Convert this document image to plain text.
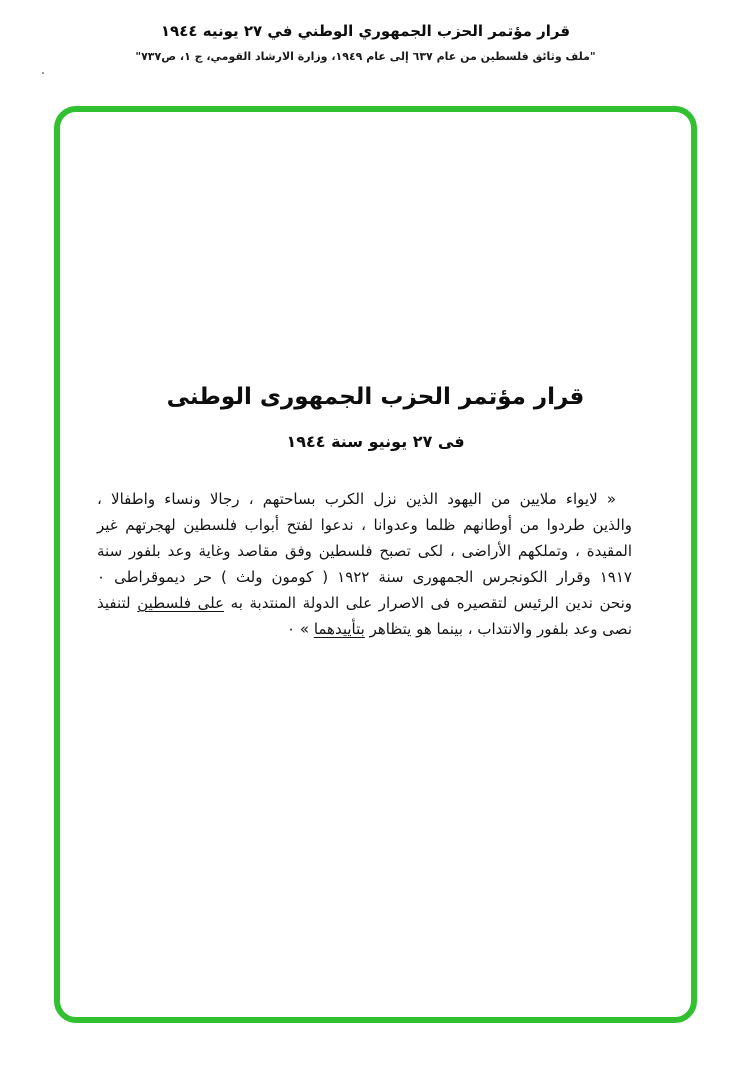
قرار مؤتمر الحزب الجمهوري الوطني في ٢٧ يونيه ١٩٤٤
"ملف وثائق فلسطين من عام ٦٣٧ إلى عام ١٩٤٩، وزارة الارشاد القومي، ج ١، ص٧٣٧"
قرار مؤتمر الحزب الجمهورى الوطنى
فى ٢٧ يونيو سنة ١٩٤٤
« لايواء ملايين من اليهود الذين نزل الكرب بساحتهم ، رجالا ونساء واطفالا ،
والذين طردوا من أوطانهم ظلما وعدوانا ، ندعوا لفتح أبواب فلسطين لهجرتهم غير
المقيدة ، وتملكهم الأراضى ، لكى تصبح فلسطين وفق مقاصد وغاية وعد بلفور سنة
١٩١٧ وقرار الكونجرس الجمهورى سنة ١٩٢٢ ( كومون ولث ) حر ديموقراطى ٠
ونحن ندين الرئيس لتقصيره فى الاصرار على الدولة المنتدبة به على فلسطين لتنفيذ
نصى وعد بلفور والانتداب ، بينما هو يتظاهر بتأييدهما » ٠
